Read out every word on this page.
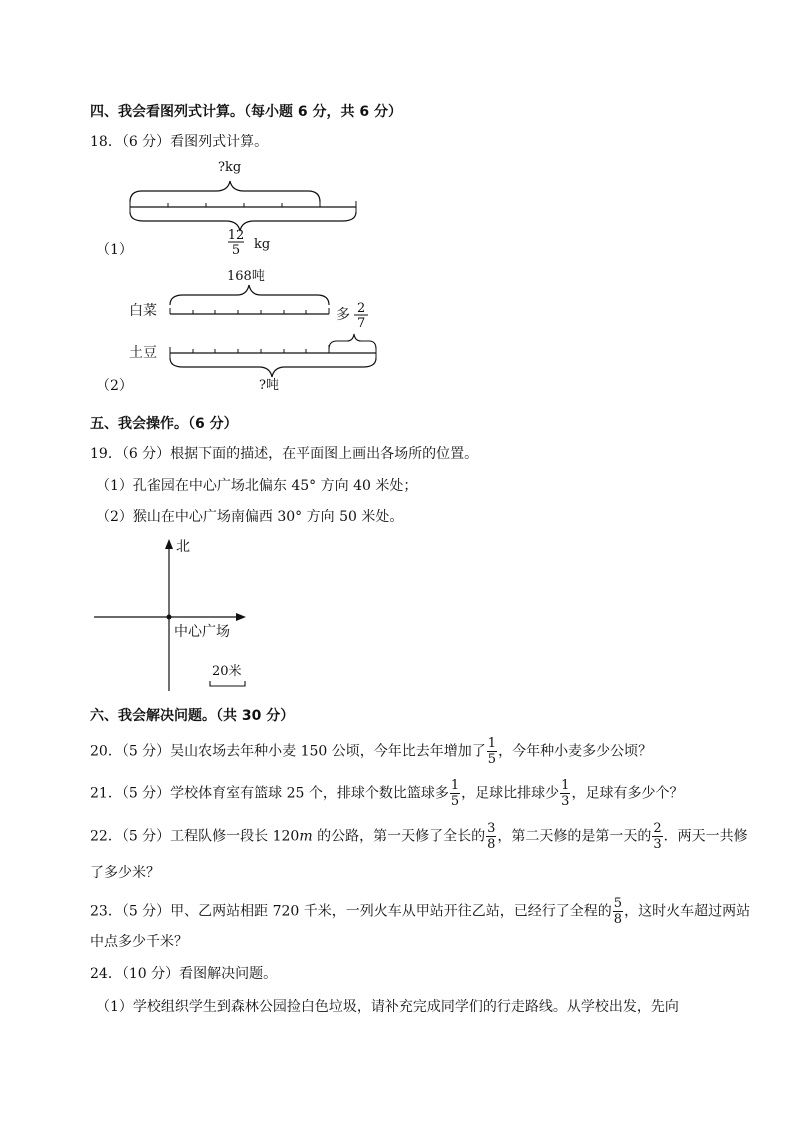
四、我会看图列式计算。（每小题 6 分，共 6 分）
18．（6 分）看图列式计算。
?kg
12
5 kg
（1）
168吨
白菜	多 2
7
土豆
?吨
（2）
五、我会操作。（6 分）
19．（6 分）根据下面的描述，在平面图上画出各场所的位置。
（1）孔雀园在中心广场北偏东 45° 方向 40 米处；
（2）猴山在中心广场南偏西 30° 方向 50 米处。
北
中心广场
20米
六、我会解决问题。（共 30 分）
20．（5 分）吴山农场去年种小麦 150 公顷，今年比去年增加了 $\frac{1}{5}$ ，今年种小麦多少公顷？
21．（5 分）学校体育室有篮球 25 个，排球个数比篮球多 $\frac{1}{5}$ ，足球比排球少 $\frac{1}{3}$ ，足球有多少个？
22．（5 分）工程队修一段长 120m 的公路，第一天修了全长的 $\frac{3}{8}$ ，第二天修的是第一天的 $\frac{2}{3}$ ．两天一共修
了多少米？
23．（5 分）甲、乙两站相距 720 千米，一列火车从甲站开往乙站，已经行了全程的 $\frac{5}{8}$ ，这时火车超过两站
中点多少千米？
24．（10 分）看图解决问题。
（1）学校组织学生到森林公园捡白色垃圾，请补充完成同学们的行走路线。从学校出发，先向
